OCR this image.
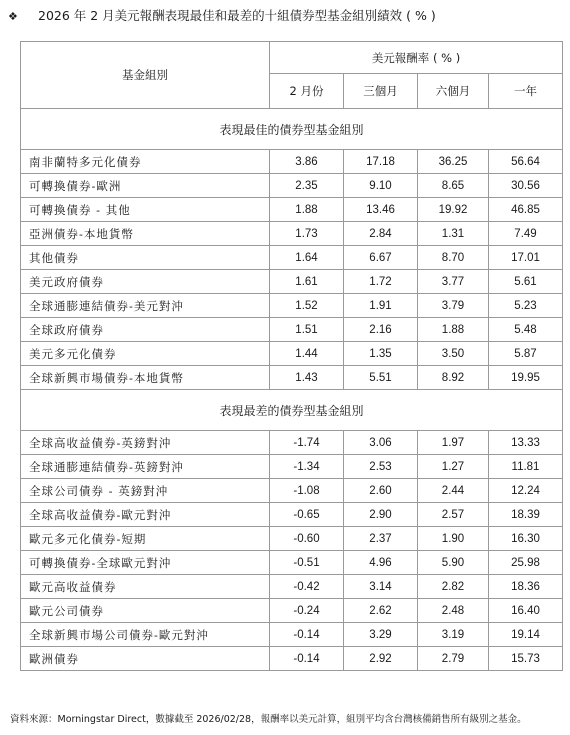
❖ 2026 年 2 月美元報酬表現最佳和最差的十組債券型基金組別績效 ( % )
基金組別	美元報酬率 ( % )			
	2 月份	三個月	六個月	一年
表現最佳的債券型基金組別				
南非蘭特多元化債券	3.86	17.18	36.25	56.64
可轉換債券-歐洲	2.35	9.10	8.65	30.56
可轉換債券 - 其他	1.88	13.46	19.92	46.85
亞洲債券-本地貨幣	1.73	2.84	1.31	7.49
其他債券	1.64	6.67	8.70	17.01
美元政府債券	1.61	1.72	3.77	5.61
全球通膨連結債券-美元對沖	1.52	1.91	3.79	5.23
全球政府債券	1.51	2.16	1.88	5.48
美元多元化債券	1.44	1.35	3.50	5.87
全球新興市場債券-本地貨幣	1.43	5.51	8.92	19.95
表現最差的債券型基金組別				
全球高收益債券-英鎊對沖	-1.74	3.06	1.97	13.33
全球通膨連結債券-英鎊對沖	-1.34	2.53	1.27	11.81
全球公司債券 - 英鎊對沖	-1.08	2.60	2.44	12.24
全球高收益債券-歐元對沖	-0.65	2.90	2.57	18.39
歐元多元化債券-短期	-0.60	2.37	1.90	16.30
可轉換債券-全球歐元對沖	-0.51	4.96	5.90	25.98
歐元高收益債券	-0.42	3.14	2.82	18.36
歐元公司債券	-0.24	2.62	2.48	16.40
全球新興市場公司債券-歐元對沖	-0.14	3.29	3.19	19.14
歐洲債券	-0.14	2.92	2.79	15.73
資料來源：Morningstar Direct，數據截至 2026/02/28，報酬率以美元計算，組別平均含台灣核備銷售所有級別之基金。
